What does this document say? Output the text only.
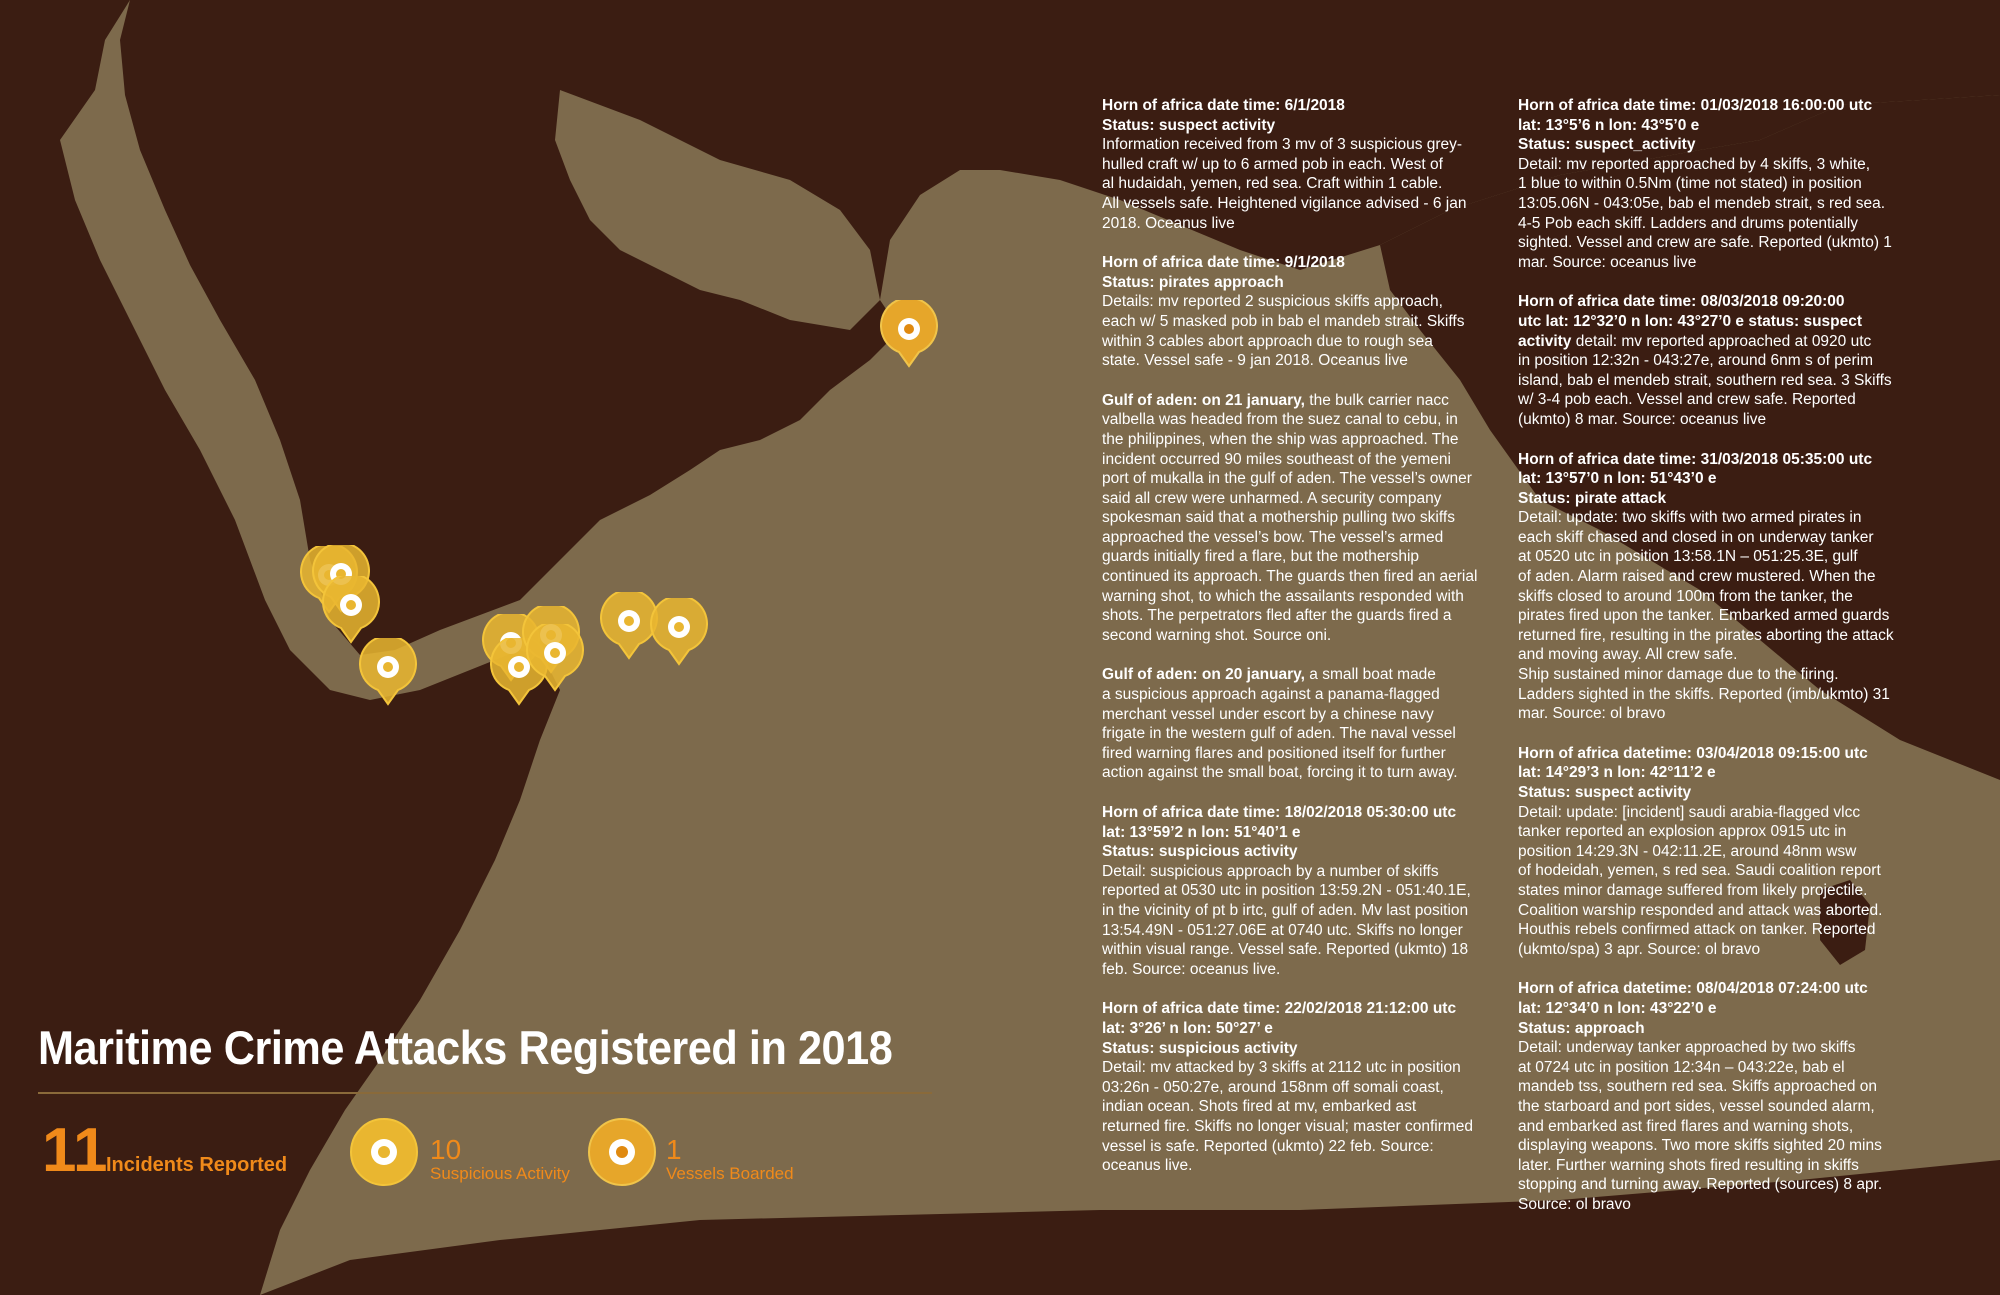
Horn of africa date time: 6/1/2018
Status: suspect activity
Information received from 3 mv of 3 suspicious grey-
hulled craft w/ up to 6 armed pob in each. West of
al hudaidah, yemen, red sea. Craft within 1 cable.
All vessels safe. Heightened vigilance advised - 6 jan
2018. Oceanus live
Horn of africa date time: 9/1/2018
Status: pirates approach
Details: mv reported 2 suspicious skiffs approach,
each w/ 5 masked pob in bab el mandeb strait. Skiffs
within 3 cables abort approach due to rough sea
state. Vessel safe - 9 jan 2018. Oceanus live
Gulf of aden: on 21 january, the bulk carrier nacc
valbella was headed from the suez canal to cebu, in
the philippines, when the ship was approached. The
incident occurred 90 miles southeast of the yemeni
port of mukalla in the gulf of aden. The vessel’s owner
said all crew were unharmed. A security company
spokesman said that a mothership pulling two skiffs
approached the vessel’s bow. The vessel’s armed
guards initially fired a flare, but the mothership
continued its approach. The guards then fired an aerial
warning shot, to which the assailants responded with
shots. The perpetrators fled after the guards fired a
second warning shot. Source oni.
Gulf of aden: on 20 january, a small boat made
a suspicious approach against a panama-flagged
merchant vessel under escort by a chinese navy
frigate in the western gulf of aden. The naval vessel
fired warning flares and positioned itself for further
action against the small boat, forcing it to turn away.
Horn of africa date time: 18/02/2018 05:30:00 utc
lat: 13°59’2 n lon: 51°40’1 e
Status: suspicious activity
Detail: suspicious approach by a number of skiffs
reported at 0530 utc in position 13:59.2N - 051:40.1E,
in the vicinity of pt b irtc, gulf of aden. Mv last position
13:54.49N - 051:27.06E at 0740 utc. Skiffs no longer
within visual range. Vessel safe. Reported (ukmto) 18
feb. Source: oceanus live.
Horn of africa date time: 22/02/2018 21:12:00 utc
lat: 3°26’ n lon: 50°27’ e
Status: suspicious activity
Detail: mv attacked by 3 skiffs at 2112 utc in position
03:26n - 050:27e, around 158nm off somali coast,
indian ocean. Shots fired at mv, embarked ast
returned fire. Skiffs no longer visual; master confirmed
vessel is safe. Reported (ukmto) 22 feb. Source:
oceanus live.
Horn of africa date time: 01/03/2018 16:00:00 utc
lat: 13°5’6 n lon: 43°5’0 e
Status: suspect_activity
Detail: mv reported approached by 4 skiffs, 3 white,
1 blue to within 0.5Nm (time not stated) in position
13:05.06N - 043:05e, bab el mendeb strait, s red sea.
4-5 Pob each skiff. Ladders and drums potentially
sighted. Vessel and crew are safe. Reported (ukmto) 1
mar. Source: oceanus live
Horn of africa date time: 08/03/2018 09:20:00
utc lat: 12°32’0 n lon: 43°27’0 e status: suspect
activity detail: mv reported approached at 0920 utc
in position 12:32n - 043:27e, around 6nm s of perim
island, bab el mendeb strait, southern red sea. 3 Skiffs
w/ 3-4 pob each. Vessel and crew safe. Reported
(ukmto) 8 mar. Source: oceanus live
Horn of africa date time: 31/03/2018 05:35:00 utc
lat: 13°57’0 n lon: 51°43’0 e
Status: pirate attack
Detail: update: two skiffs with two armed pirates in
each skiff chased and closed in on underway tanker
at 0520 utc in position 13:58.1N – 051:25.3E, gulf
of aden. Alarm raised and crew mustered. When the
skiffs closed to around 100m from the tanker, the
pirates fired upon the tanker. Embarked armed guards
returned fire, resulting in the pirates aborting the attack
and moving away. All crew safe.
Ship sustained minor damage due to the firing.
Ladders sighted in the skiffs. Reported (imb/ukmto) 31
mar. Source: ol bravo
Horn of africa datetime: 03/04/2018 09:15:00 utc
lat: 14°29’3 n lon: 42°11’2 e
Status: suspect activity
Detail: update: [incident] saudi arabia-flagged vlcc
tanker reported an explosion approx 0915 utc in
position 14:29.3N - 042:11.2E, around 48nm wsw
of hodeidah, yemen, s red sea. Saudi coalition report
states minor damage suffered from likely projectile.
Coalition warship responded and attack was aborted.
Houthis rebels confirmed attack on tanker. Reported
(ukmto/spa) 3 apr. Source: ol bravo
Horn of africa datetime: 08/04/2018 07:24:00 utc
lat: 12°34’0 n lon: 43°22’0 e
Status: approach
Detail: underway tanker approached by two skiffs
at 0724 utc in position 12:34n – 043:22e, bab el
mandeb tss, southern red sea. Skiffs approached on
the starboard and port sides, vessel sounded alarm,
and embarked ast fired flares and warning shots,
displaying weapons. Two more skiffs sighted 20 mins
later. Further warning shots fired resulting in skiffs
stopping and turning away. Reported (sources) 8 apr.
Source: ol bravo
Maritime Crime Attacks Registered in 2018
11
Incidents Reported	10
Suspicious Activity
1
Vessels Boarded
